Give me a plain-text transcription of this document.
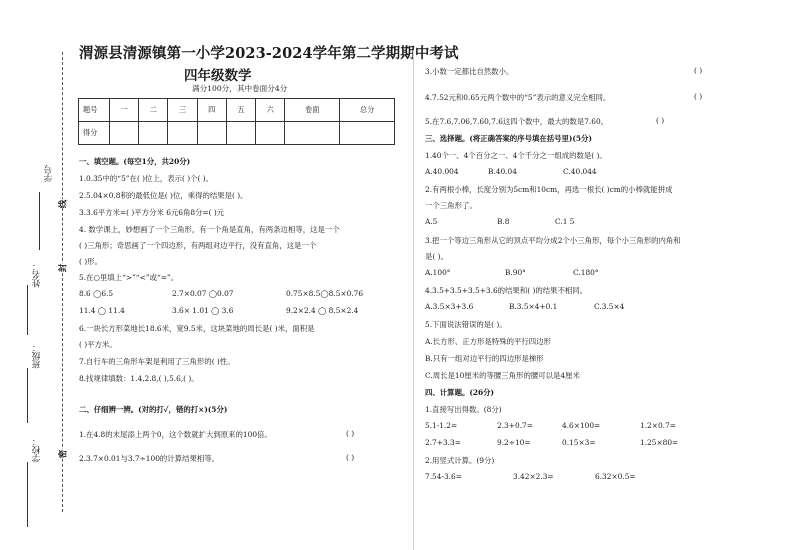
学号
姓名：
班级：
学校：
线
封
密
渭源县清源镇第一小学2023-2024学年第二学期期中考试
四年级数学
满分100分，其中卷面分4分
题号	一	二	三	四	五	六	卷面	总分
得分								
一、填空题。(每空1分，共20分)
1.0.35中的“5”在( )位上，表示( )个( )。
2.5.04×0.8积的最低位是( )位，乘得的结果是( )。
3.3.6平方米=( )平方分米 6元6角8分=( )元
4. 数学课上，妙想画了一个三角形，有一个角是直角，有两条边相等，这是一个
( )三角形；奇思画了一个四边形，有两组对边平行，没有直角，这是一个
( )形。
5.在○里填上“>”“<”或“=”。
8.6 ◯6.5	2.7×0.07 ◯0.07	0.75×8.5◯8.5×0.76
11.4 ◯ 11.4	3.6× 1.01 ◯ 3.6	9.2×2.4 ◯ 8.5×2.4
6.一块长方形菜地长18.6米，宽9.5米，这块菜地的周长是( )米，面积是
( )平方米。
7.自行车的三角形车架是利用了三角形的( )性。
8.找规律填数：1.4,2.8,( ),5.6,( )。
二、仔细辨一辨。(对的打✓，错的打×)(5分)
1.在4.8的末尾添上两个0，这个数就扩大到原来的100倍。	( )
2.3.7×0.01与3.7÷100的计算结果相等。	( )
3.小数一定都比自然数小。	( )
4.7.52元和0.65元两个数中的“5”表示的意义完全相同。	( )
5.在7.6,7.06,7.60,7.6这四个数中，最大的数是7.60。	( )
三、选择题。(将正确答案的序号填在括号里)(5分)
1.40个一、4个百分之一、4个千分之一组成的数是( )。
A.40.004	B.40.04	C.40.044
2.有两根小棒，长度分别为5cm和10cm，再选一根长( )cm的小棒就能拼成
一个三角形了。
A.5	B.8	C.1 5
3.把一个等边三角形从它的顶点平均分成2个小三角形，每个小三角形的内角和
是( )。
A.100°	B.90°	C.180°
4.3.5+3.5+3.5+3.6的结果和( )的结果不相同。
A.3.5×3+3.6	B.3.5×4+0.1	C.3.5×4
5.下面说法错误的是( )。
A.长方形、正方形是特殊的平行四边形
B.只有一组对边平行的四边形是梯形
C.周长是10厘米的等腰三角形的腰可以是4厘米
四、计算题。(26分)
1.直接写出得数。(8分)
5.1-1.2=	2.3+0.7=	4.6×100=	1.2×0.7=
2.7+3.3=	9.2÷10=	0.15×3=	1.25×80=
2.用竖式计算。(9分)
7.54-3.6=	3.42×2.3=	6.32×0.5=
